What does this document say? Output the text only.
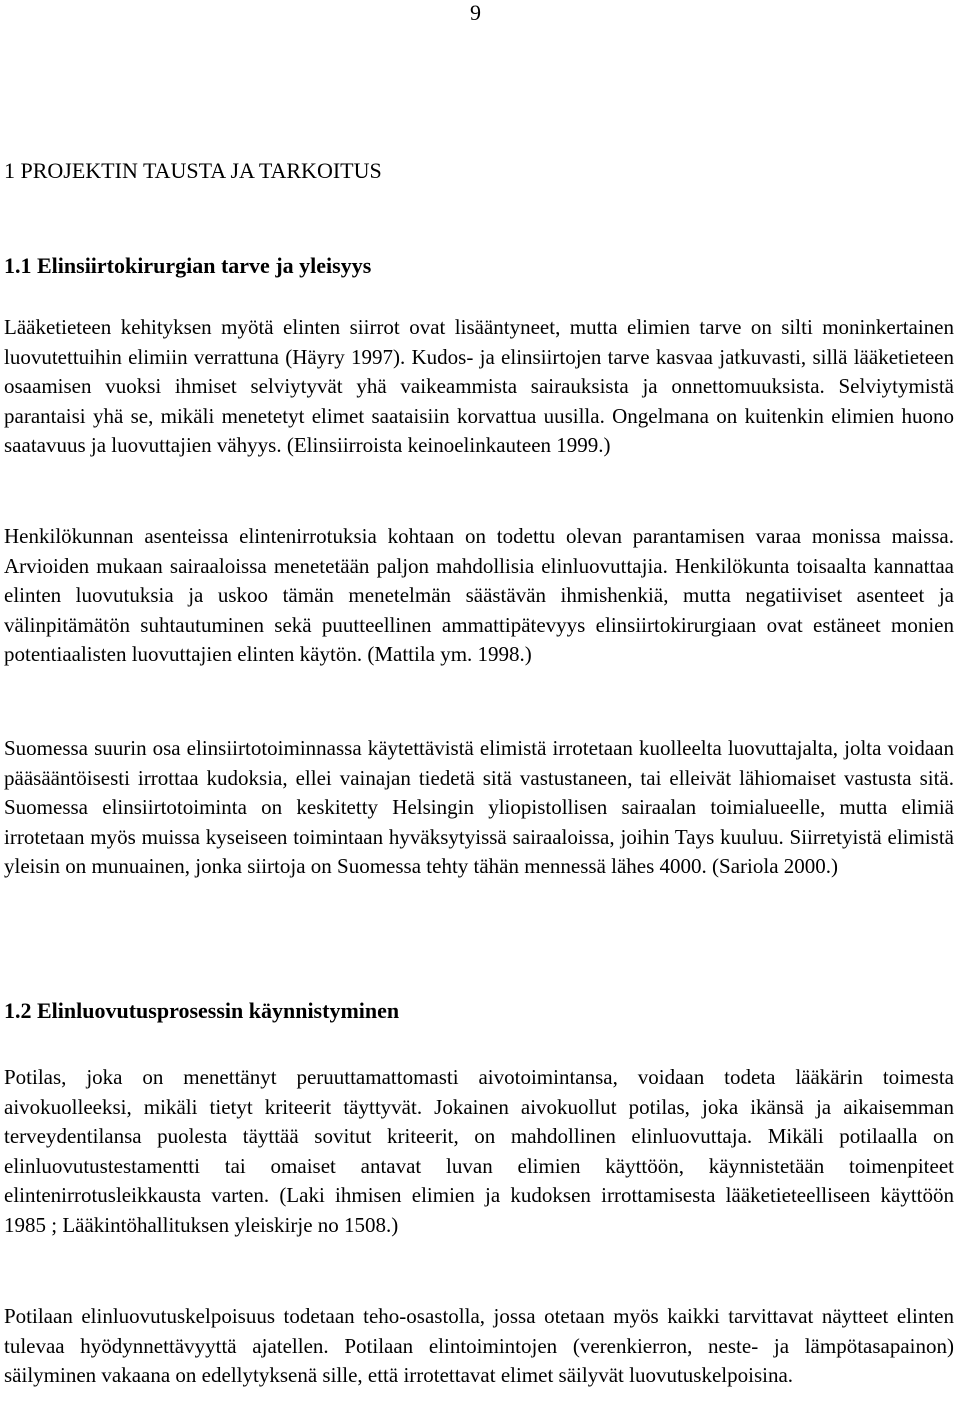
9
1 PROJEKTIN TAUSTA JA TARKOITUS
1.1 Elinsiirtokirurgian tarve ja yleisyys

Lääketieteen kehityksen myötä elinten siirrot ovat lisääntyneet, mutta elimien tarve on silti moninkertainen luovutettuihin elimiin verrattuna (Häyry 1997). Kudos- ja elinsiirtojen tarve kasvaa jatkuvasti, sillä lääketieteen osaamisen vuoksi ihmiset selviytyvät yhä vaikeammista sairauksista ja onnettomuuksista. Selviytymistä parantaisi yhä se, mikäli menetetyt elimet saataisiin korvattua uusilla. Ongelmana on kuitenkin elimien huono saatavuus ja luovuttajien vähyys. (Elinsiirroista keinoelinkauteen 1999.)

Henkilökunnan asenteissa elintenirrotuksia kohtaan on todettu olevan parantamisen varaa monissa maissa. Arvioiden mukaan sairaaloissa menetetään paljon mahdollisia elinluovuttajia. Henkilökunta toisaalta kannattaa elinten luovutuksia ja uskoo tämän menetelmän säästävän ihmishenkiä, mutta negatiiviset asenteet ja välinpitämätön suhtautuminen sekä puutteellinen ammattipätevyys elinsiirtokirurgiaan ovat estäneet monien potentiaalisten luovuttajien elinten käytön. (Mattila ym. 1998.)

Suomessa suurin osa elinsiirtotoiminnassa käytettävistä elimistä irrotetaan kuolleelta luovuttajalta, jolta voidaan pääsääntöisesti irrottaa kudoksia, ellei vainajan tiedetä sitä vastustaneen, tai elleivät lähiomaiset vastusta sitä. Suomessa elinsiirtotoiminta on keskitetty Helsingin yliopistollisen sairaalan toimialueelle, mutta elimiä irrotetaan myös muissa kyseiseen toimintaan hyväksytyissä sairaaloissa, joihin Tays kuuluu. Siirretyistä elimistä yleisin on munuainen, jonka siirtoja on Suomessa tehty tähän mennessä lähes 4000. (Sariola 2000.)

1.2 Elinluovutusprosessin käynnistyminen

Potilas, joka on menettänyt peruuttamattomasti aivotoimintansa, voidaan todeta lääkärin toimesta aivokuolleeksi, mikäli tietyt kriteerit täyttyvät. Jokainen aivokuollut potilas, joka ikänsä ja aikaisemman terveydentilansa puolesta täyttää sovitut kriteerit, on mahdollinen elinluovuttaja. Mikäli potilaalla on elinluovutustestamentti tai omaiset antavat luvan elimien käyttöön, käynnistetään toimenpiteet elintenirrotusleikkausta varten. (Laki ihmisen elimien ja kudoksen irrottamisesta lääketieteelliseen käyttöön 1985 ; Lääkintöhallituksen yleiskirje no 1508.)

Potilaan elinluovutuskelpoisuus todetaan teho-osastolla, jossa otetaan myös kaikki tarvittavat näytteet elinten tulevaa hyödynnettävyyttä ajatellen. Potilaan elintoimintojen (verenkierron, neste- ja lämpötasapainon) säilyminen vakaana on edellytyksenä sille, että irrotettavat elimet säilyvät luovutuskelpoisina.
